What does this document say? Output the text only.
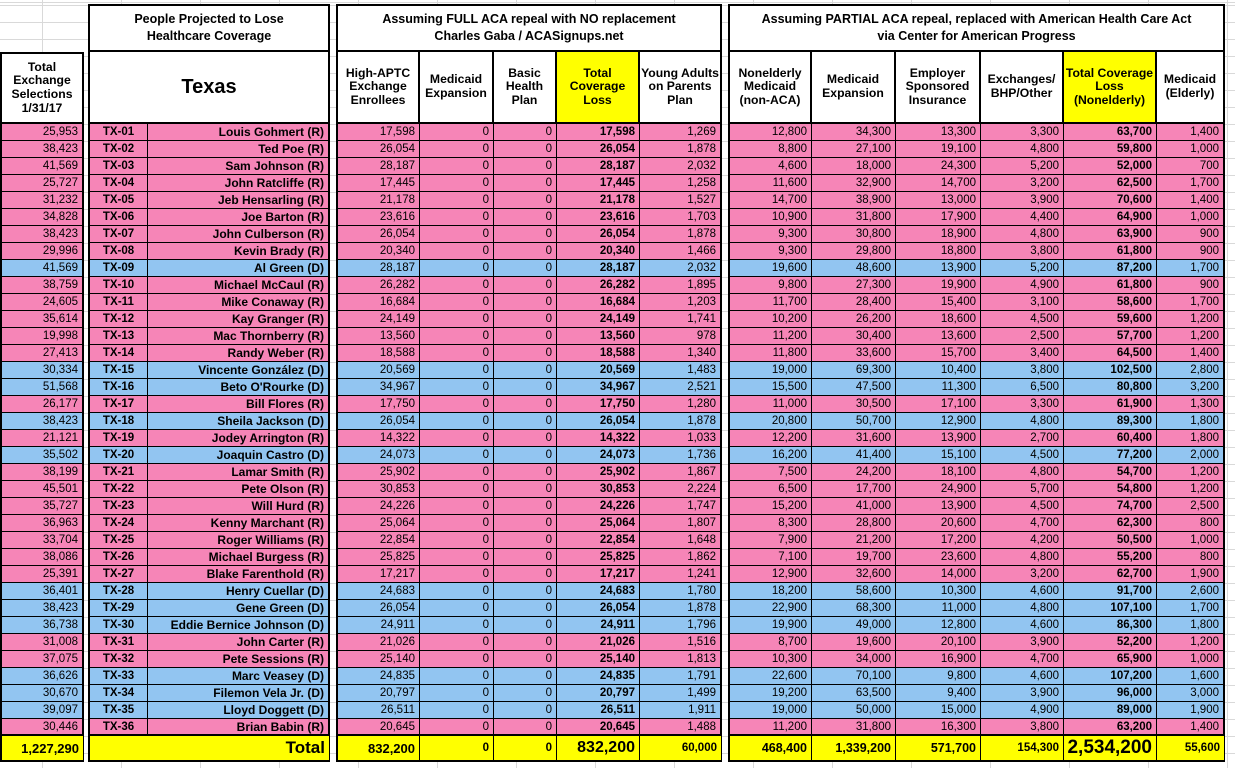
People Projected to Lose
Healthcare Coverage
Assuming FULL ACA repeal with NO replacement
Charles Gaba / ACASignups.net
Assuming PARTIAL ACA repeal, replaced with American Health Care Act
via Center for American Progress
Total Exchange Selections 1/31/17
Texas
High-APTC Exchange Enrollees
Medicaid Expansion
Basic Health Plan
Total Coverage Loss
Young Adults on Parents Plan
Nonelderly Medicaid (non-ACA)
Medicaid Expansion
Employer Sponsored Insurance
Exchanges/ BHP/Other
Total Coverage Loss (Nonelderly)
Medicaid (Elderly)
25,953	TX-01	Louis Gohmert (R)	17,598	0	0	17,598	1,269	12,800	34,300	13,300	3,300	63,700	1,400
38,423	TX-02	Ted Poe (R)	26,054	0	0	26,054	1,878	8,800	27,100	19,100	4,800	59,800	1,000
41,569	TX-03	Sam Johnson (R)	28,187	0	0	28,187	2,032	4,600	18,000	24,300	5,200	52,000	700
25,727	TX-04	John Ratcliffe (R)	17,445	0	0	17,445	1,258	11,600	32,900	14,700	3,200	62,500	1,700
31,232	TX-05	Jeb Hensarling (R)	21,178	0	0	21,178	1,527	14,700	38,900	13,000	3,900	70,600	1,400
34,828	TX-06	Joe Barton (R)	23,616	0	0	23,616	1,703	10,900	31,800	17,900	4,400	64,900	1,000
38,423	TX-07	John Culberson (R)	26,054	0	0	26,054	1,878	9,300	30,800	18,900	4,800	63,900	900
29,996	TX-08	Kevin Brady (R)	20,340	0	0	20,340	1,466	9,300	29,800	18,800	3,800	61,800	900
41,569	TX-09	Al Green (D)	28,187	0	0	28,187	2,032	19,600	48,600	13,900	5,200	87,200	1,700
38,759	TX-10	Michael McCaul (R)	26,282	0	0	26,282	1,895	9,800	27,300	19,900	4,900	61,800	900
24,605	TX-11	Mike Conaway (R)	16,684	0	0	16,684	1,203	11,700	28,400	15,400	3,100	58,600	1,700
35,614	TX-12	Kay Granger (R)	24,149	0	0	24,149	1,741	10,200	26,200	18,600	4,500	59,600	1,200
19,998	TX-13	Mac Thornberry (R)	13,560	0	0	13,560	978	11,200	30,400	13,600	2,500	57,700	1,200
27,413	TX-14	Randy Weber (R)	18,588	0	0	18,588	1,340	11,800	33,600	15,700	3,400	64,500	1,400
30,334	TX-15	Vincente González (D)	20,569	0	0	20,569	1,483	19,000	69,300	10,400	3,800	102,500	2,800
51,568	TX-16	Beto O'Rourke (D)	34,967	0	0	34,967	2,521	15,500	47,500	11,300	6,500	80,800	3,200
26,177	TX-17	Bill Flores (R)	17,750	0	0	17,750	1,280	11,000	30,500	17,100	3,300	61,900	1,300
38,423	TX-18	Sheila Jackson (D)	26,054	0	0	26,054	1,878	20,800	50,700	12,900	4,800	89,300	1,800
21,121	TX-19	Jodey Arrington (R)	14,322	0	0	14,322	1,033	12,200	31,600	13,900	2,700	60,400	1,800
35,502	TX-20	Joaquin Castro (D)	24,073	0	0	24,073	1,736	16,200	41,400	15,100	4,500	77,200	2,000
38,199	TX-21	Lamar Smith (R)	25,902	0	0	25,902	1,867	7,500	24,200	18,100	4,800	54,700	1,200
45,501	TX-22	Pete Olson (R)	30,853	0	0	30,853	2,224	6,500	17,700	24,900	5,700	54,800	1,200
35,727	TX-23	Will Hurd (R)	24,226	0	0	24,226	1,747	15,200	41,000	13,900	4,500	74,700	2,500
36,963	TX-24	Kenny Marchant (R)	25,064	0	0	25,064	1,807	8,300	28,800	20,600	4,700	62,300	800
33,704	TX-25	Roger Williams (R)	22,854	0	0	22,854	1,648	7,900	21,200	17,200	4,200	50,500	1,000
38,086	TX-26	Michael Burgess (R)	25,825	0	0	25,825	1,862	7,100	19,700	23,600	4,800	55,200	800
25,391	TX-27	Blake Farenthold (R)	17,217	0	0	17,217	1,241	12,900	32,600	14,000	3,200	62,700	1,900
36,401	TX-28	Henry Cuellar (D)	24,683	0	0	24,683	1,780	18,200	58,600	10,300	4,600	91,700	2,600
38,423	TX-29	Gene Green (D)	26,054	0	0	26,054	1,878	22,900	68,300	11,000	4,800	107,100	1,700
36,738	TX-30	Eddie Bernice Johnson (D)	24,911	0	0	24,911	1,796	19,900	49,000	12,800	4,600	86,300	1,800
31,008	TX-31	John Carter (R)	21,026	0	0	21,026	1,516	8,700	19,600	20,100	3,900	52,200	1,200
37,075	TX-32	Pete Sessions (R)	25,140	0	0	25,140	1,813	10,300	34,000	16,900	4,700	65,900	1,000
36,626	TX-33	Marc Veasey (D)	24,835	0	0	24,835	1,791	22,600	70,100	9,800	4,600	107,200	1,600
30,670	TX-34	Filemon Vela Jr. (D)	20,797	0	0	20,797	1,499	19,200	63,500	9,400	3,900	96,000	3,000
39,097	TX-35	Lloyd Doggett (D)	26,511	0	0	26,511	1,911	19,000	50,000	15,000	4,900	89,000	1,900
30,446	TX-36	Brian Babin (R)	20,645	0	0	20,645	1,488	11,200	31,800	16,300	3,800	63,200	1,400
1,227,290	Total	832,200	0	0	832,200	60,000	468,400	1,339,200	571,700	154,300 2,534,200	55,600
